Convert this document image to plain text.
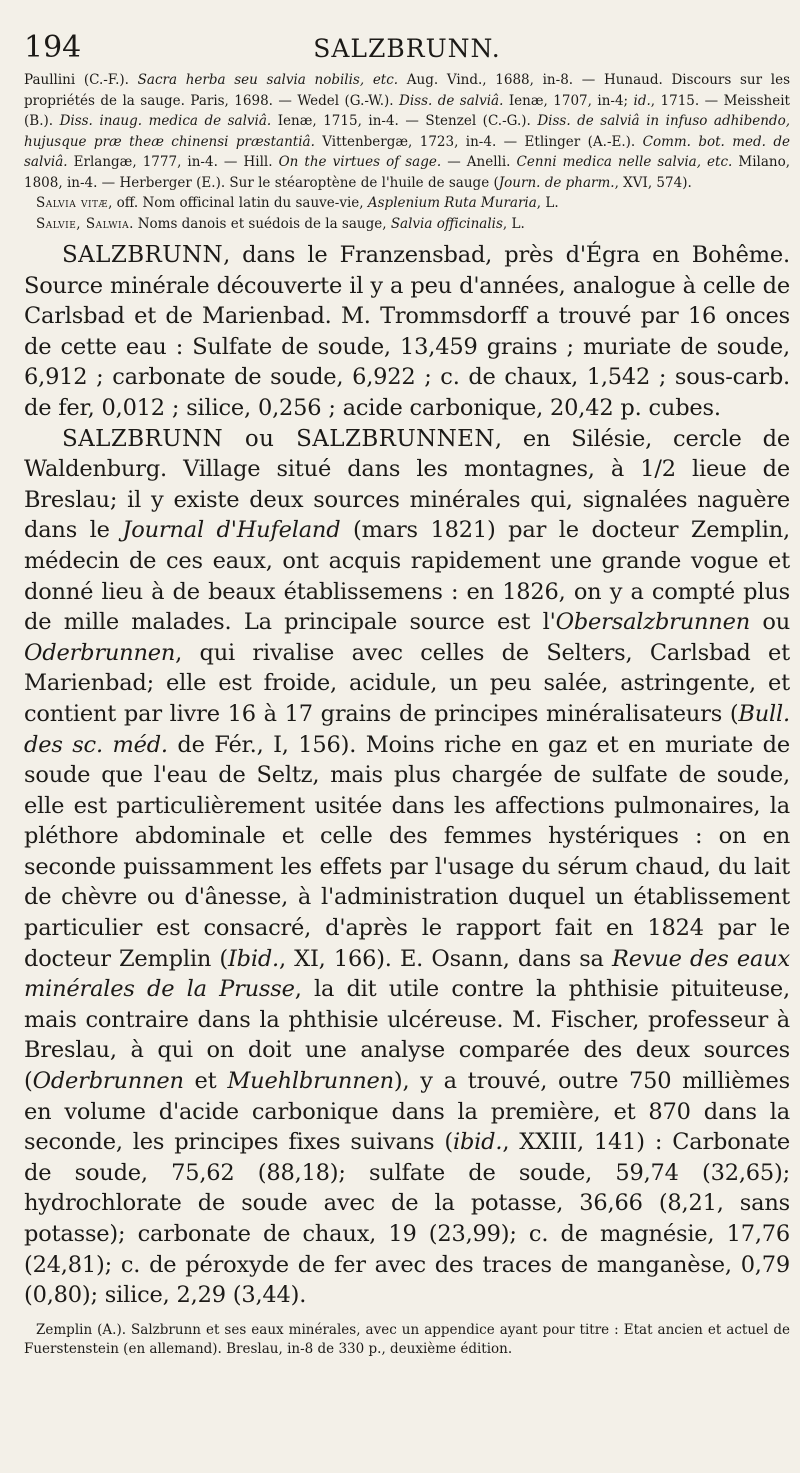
194	SALZBRUNN.

Paullini (C.-F.). Sacra herba seu salvia nobilis, etc. Aug. Vind., 1688, in-8. — Hunaud. Discours sur les propriétés de la sauge. Paris, 1698. — Wedel (G.-W.). Diss. de salviâ. Ienæ, 1707, in-4; id., 1715. — Meissheit (B.). Diss. inaug. medica de salviâ. Ienæ, 1715, in-4. — Stenzel (C.-G.). Diss. de salviâ in infuso adhibendo, hujusque præ theæ chinensi præstantiâ. Vittenbergæ, 1723, in-4. — Etlinger (A.-E.). Comm. bot. med. de salviâ. Erlangæ, 1777, in-4. — Hill. On the virtues of sage. — Anelli. Cenni medica nelle salvia, etc. Milano, 1808, in-4. — Herberger (E.). Sur le stéaroptène de l'huile de sauge (Journ. de pharm., XVI, 574).

Salvia vitæ, off. Nom officinal latin du sauve-vie, Asplenium Ruta Muraria, L.

Salvie, Salwia. Noms danois et suédois de la sauge, Salvia officinalis, L.

SALZBRUNN, dans le Franzensbad, près d'Égra en Bohême. Source minérale découverte il y a peu d'années, analogue à celle de Carlsbad et de Marienbad. M. Trommsdorff a trouvé par 16 onces de cette eau : Sulfate de soude, 13,459 grains ; muriate de soude, 6,912 ; carbonate de soude, 6,922 ; c. de chaux, 1,542 ; sous-carb. de fer, 0,012 ; silice, 0,256 ; acide carbonique, 20,42 p. cubes.

SALZBRUNN ou SALZBRUNNEN, en Silésie, cercle de Waldenburg. Village situé dans les montagnes, à 1/2 lieue de Breslau; il y existe deux sources minérales qui, signalées naguère dans le Journal d'Hufeland (mars 1821) par le docteur Zemplin, médecin de ces eaux, ont acquis rapidement une grande vogue et donné lieu à de beaux établissemens : en 1826, on y a compté plus de mille malades. La principale source est l'Obersalzbrunnen ou Oderbrunnen, qui rivalise avec celles de Selters, Carlsbad et Marienbad; elle est froide, acidule, un peu salée, astringente, et contient par livre 16 à 17 grains de principes minéralisateurs (Bull. des sc. méd. de Fér., I, 156). Moins riche en gaz et en muriate de soude que l'eau de Seltz, mais plus chargée de sulfate de soude, elle est particulièrement usitée dans les affections pulmonaires, la pléthore abdominale et celle des femmes hystériques : on en seconde puissamment les effets par l'usage du sérum chaud, du lait de chèvre ou d'ânesse, à l'administration duquel un établissement particulier est consacré, d'après le rapport fait en 1824 par le docteur Zemplin (Ibid., XI, 166). E. Osann, dans sa Revue des eaux minérales de la Prusse, la dit utile contre la phthisie pituiteuse, mais contraire dans la phthisie ulcéreuse. M. Fischer, professeur à Breslau, à qui on doit une analyse comparée des deux sources (Oderbrunnen et Muehlbrunnen), y a trouvé, outre 750 millièmes en volume d'acide carbonique dans la première, et 870 dans la seconde, les principes fixes suivans (ibid., XXIII, 141) : Carbonate de soude, 75,62 (88,18); sulfate de soude, 59,74 (32,65); hydrochlorate de soude avec de la potasse, 36,66 (8,21, sans potasse); carbonate de chaux, 19 (23,99); c. de magnésie, 17,76 (24,81); c. de péroxyde de fer avec des traces de manganèse, 0,79 (0,80); silice, 2,29 (3,44).

Zemplin (A.). Salzbrunn et ses eaux minérales, avec un appendice ayant pour titre : Etat ancien et actuel de Fuerstenstein (en allemand). Breslau, in-8 de 330 p., deuxième édition.
